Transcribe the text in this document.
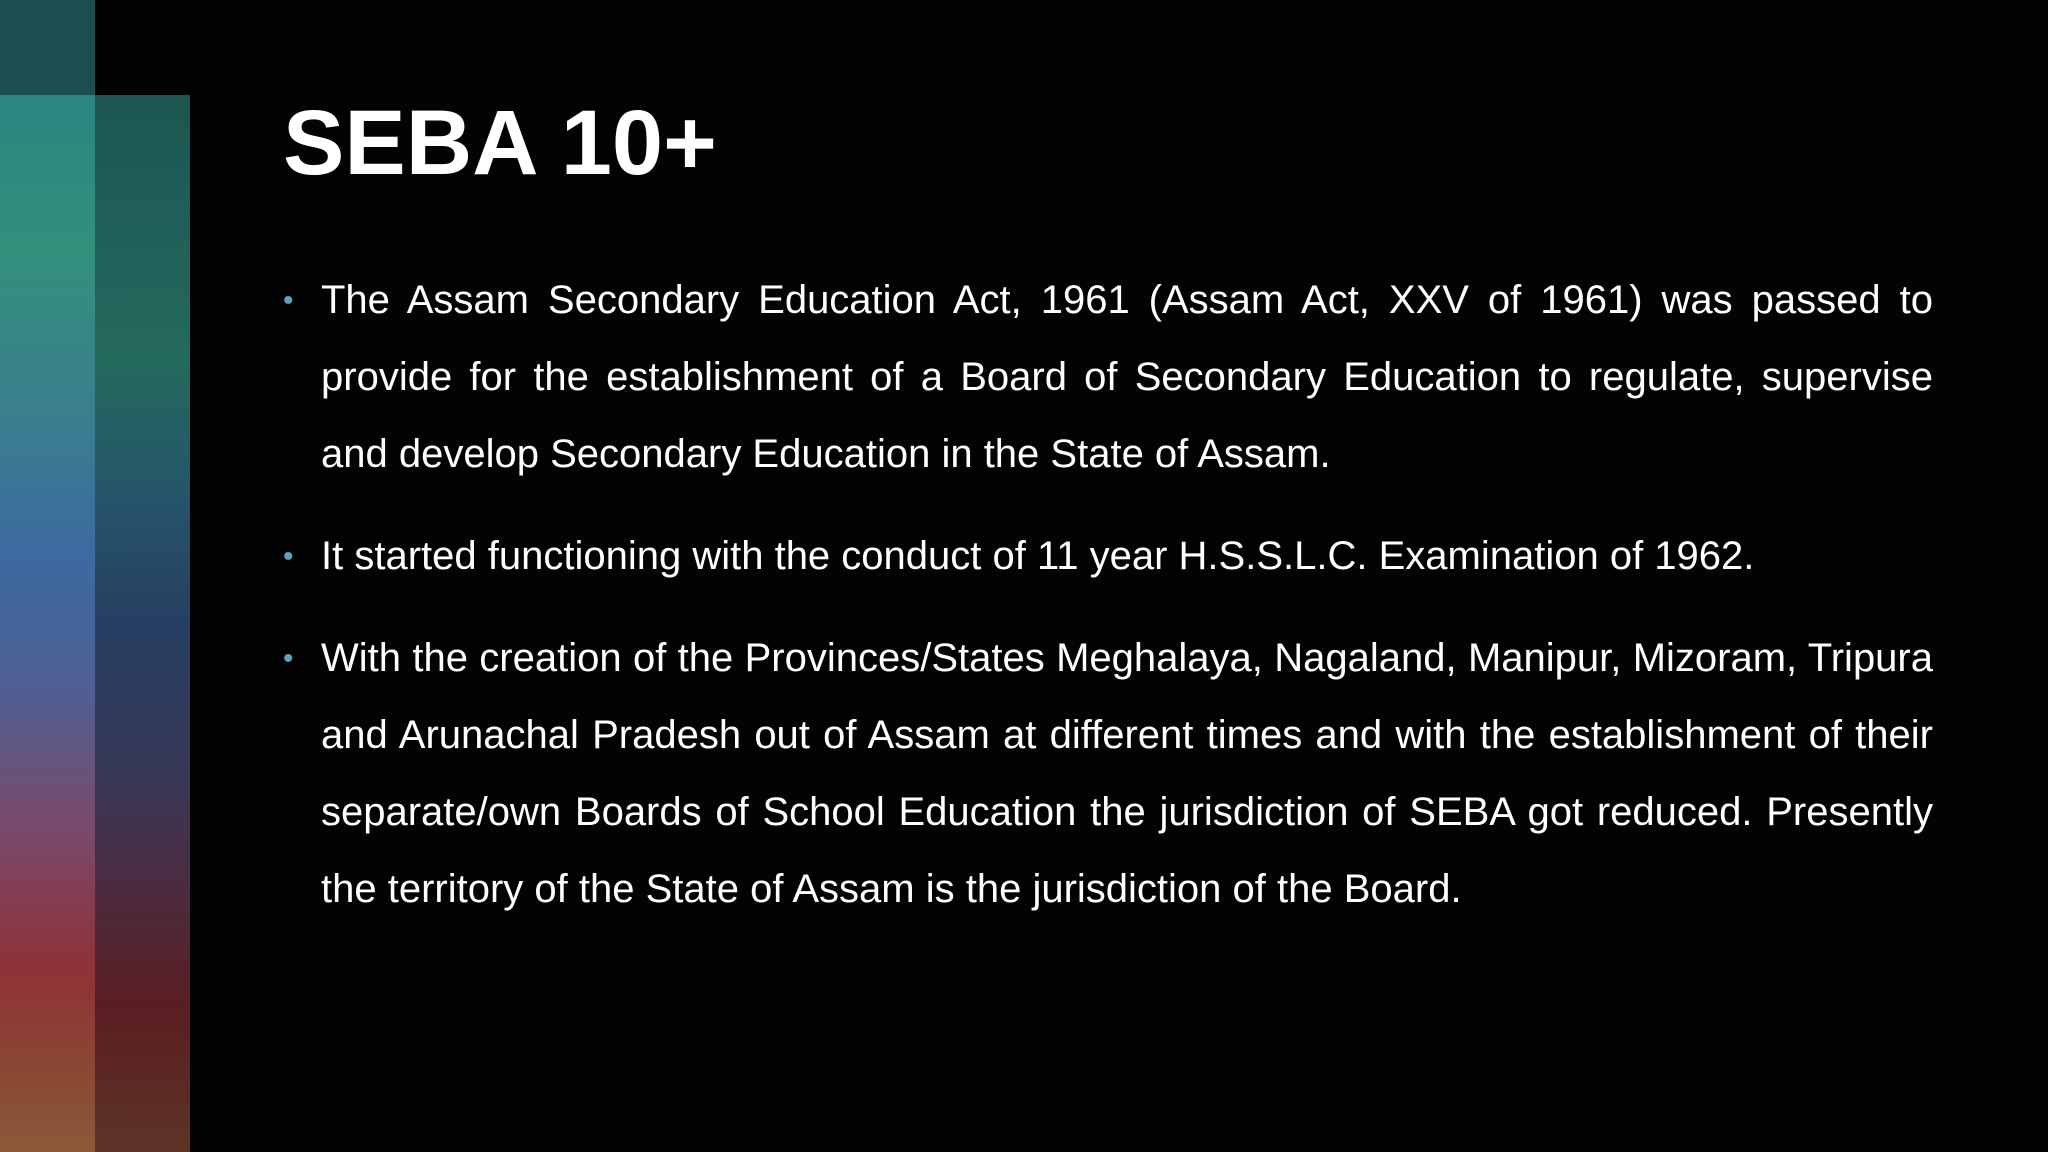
SEBA 10+
• The Assam Secondary Education Act, 1961 (Assam Act, XXV of 1961) was passed to provide for the establishment of a Board of Secondary Education to regulate, supervise and develop Secondary Education in the State of Assam.
• It started functioning with the conduct of 11 year H.S.S.L.C. Examination of 1962.
• With the creation of the Provinces/States Meghalaya, Nagaland, Manipur, Mizoram, Tripura and Arunachal Pradesh out of Assam at different times and with the establishment of their separate/own Boards of School Education the jurisdiction of SEBA got reduced. Presently the territory of the State of Assam is the jurisdiction of the Board.
